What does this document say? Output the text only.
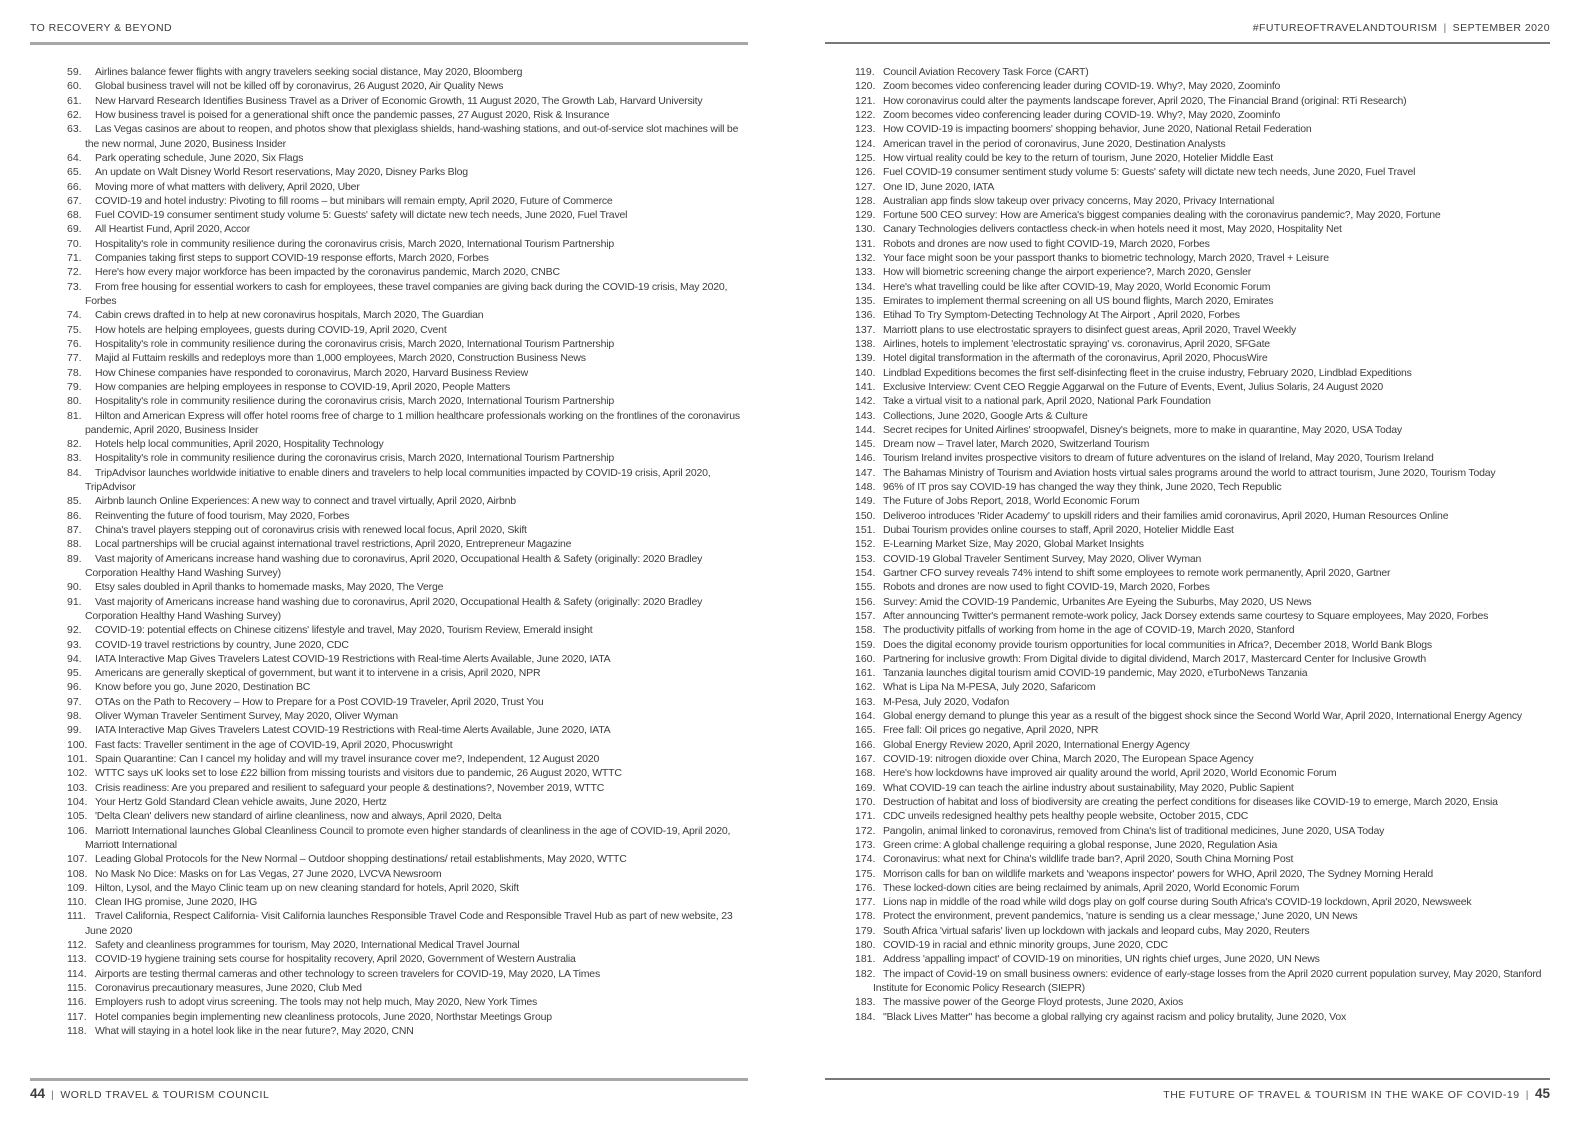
TO RECOVERY & BEYOND
59. Airlines balance fewer flights with angry travelers seeking social distance, May 2020, Bloomberg
60. Global business travel will not be killed off by coronavirus, 26 August 2020, Air Quality News
61. New Harvard Research Identifies Business Travel as a Driver of Economic Growth, 11 August 2020, The Growth Lab, Harvard University
62. How business travel is poised for a generational shift once the pandemic passes, 27 August 2020, Risk & Insurance
63. Las Vegas casinos are about to reopen, and photos show that plexiglass shields, hand-washing stations, and out-of-service slot machines will be the new normal, June 2020, Business Insider
64. Park operating schedule, June 2020, Six Flags
65. An update on Walt Disney World Resort reservations, May 2020, Disney Parks Blog
66. Moving more of what matters with delivery, April 2020, Uber
67. COVID-19 and hotel industry: Pivoting to fill rooms – but minibars will remain empty, April 2020, Future of Commerce
68. Fuel COVID-19 consumer sentiment study volume 5: Guests' safety will dictate new tech needs, June 2020, Fuel Travel
69. All Heartist Fund, April 2020, Accor
70. Hospitality's role in community resilience during the coronavirus crisis, March 2020, International Tourism Partnership
71. Companies taking first steps to support COVID-19 response efforts, March 2020, Forbes
72. Here's how every major workforce has been impacted by the coronavirus pandemic, March 2020, CNBC
73. From free housing for essential workers to cash for employees, these travel companies are giving back during the COVID-19 crisis, May 2020, Forbes
74. Cabin crews drafted in to help at new coronavirus hospitals, March 2020, The Guardian
75. How hotels are helping employees, guests during COVID-19, April 2020, Cvent
76. Hospitality's role in community resilience during the coronavirus crisis, March 2020, International Tourism Partnership
77. Majid al Futtaim reskills and redeploys more than 1,000 employees, March 2020, Construction Business News
78. How Chinese companies have responded to coronavirus, March 2020, Harvard Business Review
79. How companies are helping employees in response to COVID-19, April 2020, People Matters
80. Hospitality's role in community resilience during the coronavirus crisis, March 2020, International Tourism Partnership
81. Hilton and American Express will offer hotel rooms free of charge to 1 million healthcare professionals working on the frontlines of the coronavirus pandemic, April 2020, Business Insider
82. Hotels help local communities, April 2020, Hospitality Technology
83. Hospitality's role in community resilience during the coronavirus crisis, March 2020, International Tourism Partnership
84. TripAdvisor launches worldwide initiative to enable diners and travelers to help local communities impacted by COVID-19 crisis, April 2020, TripAdvisor
85. Airbnb launch Online Experiences: A new way to connect and travel virtually, April 2020, Airbnb
86. Reinventing the future of food tourism, May 2020, Forbes
87. China's travel players stepping out of coronavirus crisis with renewed local focus, April 2020, Skift
88. Local partnerships will be crucial against international travel restrictions, April 2020, Entrepreneur Magazine
89. Vast majority of Americans increase hand washing due to coronavirus, April 2020, Occupational Health & Safety (originally: 2020 Bradley Corporation Healthy Hand Washing Survey)
90. Etsy sales doubled in April thanks to homemade masks, May 2020, The Verge
91. Vast majority of Americans increase hand washing due to coronavirus, April 2020, Occupational Health & Safety (originally: 2020 Bradley Corporation Healthy Hand Washing Survey)
92. COVID-19: potential effects on Chinese citizens' lifestyle and travel, May 2020, Tourism Review, Emerald insight
93. COVID-19 travel restrictions by country, June 2020, CDC
94. IATA Interactive Map Gives Travelers Latest COVID-19 Restrictions with Real-time Alerts Available, June 2020, IATA
95. Americans are generally skeptical of government, but want it to intervene in a crisis, April 2020, NPR
96. Know before you go, June 2020, Destination BC
97. OTAs on the Path to Recovery – How to Prepare for a Post COVID-19 Traveler, April 2020, Trust You
98. Oliver Wyman Traveler Sentiment Survey, May 2020, Oliver Wyman
99. IATA Interactive Map Gives Travelers Latest COVID-19 Restrictions with Real-time Alerts Available, June 2020, IATA
100. Fast facts: Traveller sentiment in the age of COVID-19, April 2020, Phocuswright
101. Spain Quarantine: Can I cancel my holiday and will my travel insurance cover me?, Independent, 12 August 2020
102. WTTC says uK looks set to lose £22 billion from missing tourists and visitors due to pandemic, 26 August 2020, WTTC
103. Crisis readiness: Are you prepared and resilient to safeguard your people & destinations?, November 2019, WTTC
104. Your Hertz Gold Standard Clean vehicle awaits, June 2020, Hertz
105. 'Delta Clean' delivers new standard of airline cleanliness, now and always, April 2020, Delta
106. Marriott International launches Global Cleanliness Council to promote even higher standards of cleanliness in the age of COVID-19, April 2020, Marriott International
107. Leading Global Protocols for the New Normal – Outdoor shopping destinations/ retail establishments, May 2020, WTTC
108. No Mask No Dice: Masks on for Las Vegas, 27 June 2020, LVCVA Newsroom
109. Hilton, Lysol, and the Mayo Clinic team up on new cleaning standard for hotels, April 2020, Skift
110. Clean IHG promise, June 2020, IHG
111. Travel California, Respect California- Visit California launches Responsible Travel Code and Responsible Travel Hub as part of new website, 23 June 2020
112. Safety and cleanliness programmes for tourism, May 2020, International Medical Travel Journal
113. COVID-19 hygiene training sets course for hospitality recovery, April 2020, Government of Western Australia
114. Airports are testing thermal cameras and other technology to screen travelers for COVID-19, May 2020, LA Times
115. Coronavirus precautionary measures, June 2020, Club Med
116. Employers rush to adopt virus screening. The tools may not help much, May 2020, New York Times
117. Hotel companies begin implementing new cleanliness protocols, June 2020, Northstar Meetings Group
118. What will staying in a hotel look like in the near future?, May 2020, CNN
44 | WORLD TRAVEL & TOURISM COUNCIL
#FUTUREOFTRAVELANDTOURISM | SEPTEMBER 2020
119. Council Aviation Recovery Task Force (CART)
120. Zoom becomes video conferencing leader during COVID-19. Why?, May 2020, Zoominfo
121. How coronavirus could alter the payments landscape forever, April 2020, The Financial Brand (original: RTi Research)
122. Zoom becomes video conferencing leader during COVID-19. Why?, May 2020, Zoominfo
123. How COVID-19 is impacting boomers' shopping behavior, June 2020, National Retail Federation
124. American travel in the period of coronavirus, June 2020, Destination Analysts
125. How virtual reality could be key to the return of tourism, June 2020, Hotelier Middle East
126. Fuel COVID-19 consumer sentiment study volume 5: Guests' safety will dictate new tech needs, June 2020, Fuel Travel
127. One ID, June 2020, IATA
128. Australian app finds slow takeup over privacy concerns, May 2020, Privacy International
129. Fortune 500 CEO survey: How are America's biggest companies dealing with the coronavirus pandemic?, May 2020, Fortune
130. Canary Technologies delivers contactless check-in when hotels need it most, May 2020, Hospitality Net
131. Robots and drones are now used to fight COVID-19, March 2020, Forbes
132. Your face might soon be your passport thanks to biometric technology, March 2020, Travel + Leisure
133. How will biometric screening change the airport experience?, March 2020, Gensler
134. Here's what travelling could be like after COVID-19, May 2020, World Economic Forum
135. Emirates to implement thermal screening on all US bound flights, March 2020, Emirates
136. Etihad To Try Symptom-Detecting Technology At The Airport , April 2020, Forbes
137. Marriott plans to use electrostatic sprayers to disinfect guest areas, April 2020, Travel Weekly
138. Airlines, hotels to implement 'electrostatic spraying' vs. coronavirus, April 2020, SFGate
139. Hotel digital transformation in the aftermath of the coronavirus, April 2020, PhocusWire
140. Lindblad Expeditions becomes the first self-disinfecting fleet in the cruise industry, February 2020, Lindblad Expeditions
141. Exclusive Interview: Cvent CEO Reggie Aggarwal on the Future of Events, Event, Julius Solaris, 24 August 2020
142. Take a virtual visit to a national park, April 2020, National Park Foundation
143. Collections, June 2020, Google Arts & Culture
144. Secret recipes for United Airlines' stroopwafel, Disney's beignets, more to make in quarantine, May 2020, USA Today
145. Dream now – Travel later, March 2020, Switzerland Tourism
146. Tourism Ireland invites prospective visitors to dream of future adventures on the island of Ireland, May 2020, Tourism Ireland
147. The Bahamas Ministry of Tourism and Aviation hosts virtual sales programs around the world to attract tourism, June 2020, Tourism Today
148. 96% of IT pros say COVID-19 has changed the way they think, June 2020, Tech Republic
149. The Future of Jobs Report, 2018, World Economic Forum
150. Deliveroo introduces 'Rider Academy' to upskill riders and their families amid coronavirus, April 2020, Human Resources Online
151. Dubai Tourism provides online courses to staff, April 2020, Hotelier Middle East
152. E-Learning Market Size, May 2020, Global Market Insights
153. COVID-19 Global Traveler Sentiment Survey, May 2020, Oliver Wyman
154. Gartner CFO survey reveals 74% intend to shift some employees to remote work permanently, April 2020, Gartner
155. Robots and drones are now used to fight COVID-19, March 2020, Forbes
156. Survey: Amid the COVID-19 Pandemic, Urbanites Are Eyeing the Suburbs, May 2020, US News
157. After announcing Twitter's permanent remote-work policy, Jack Dorsey extends same courtesy to Square employees, May 2020, Forbes
158. The productivity pitfalls of working from home in the age of COVID-19, March 2020, Stanford
159. Does the digital economy provide tourism opportunities for local communities in Africa?, December 2018, World Bank Blogs
160. Partnering for inclusive growth: From Digital divide to digital dividend, March 2017, Mastercard Center for Inclusive Growth
161. Tanzania launches digital tourism amid COVID-19 pandemic, May 2020, eTurboNews Tanzania
162. What is Lipa Na M-PESA, July 2020, Safaricom
163. M-Pesa, July 2020, Vodafon
164. Global energy demand to plunge this year as a result of the biggest shock since the Second World War, April 2020, International Energy Agency
165. Free fall: Oil prices go negative, April 2020, NPR
166. Global Energy Review 2020, April 2020, International Energy Agency
167. COVID-19: nitrogen dioxide over China, March 2020, The European Space Agency
168. Here's how lockdowns have improved air quality around the world, April 2020, World Economic Forum
169. What COVID-19 can teach the airline industry about sustainability, May 2020, Public Sapient
170. Destruction of habitat and loss of biodiversity are creating the perfect conditions for diseases like COVID-19 to emerge, March 2020, Ensia
171. CDC unveils redesigned healthy pets healthy people website, October 2015, CDC
172. Pangolin, animal linked to coronavirus, removed from China's list of traditional medicines, June 2020, USA Today
173. Green crime: A global challenge requiring a global response, June 2020, Regulation Asia
174. Coronavirus: what next for China's wildlife trade ban?, April 2020, South China Morning Post
175. Morrison calls for ban on wildlife markets and 'weapons inspector' powers for WHO, April 2020, The Sydney Morning Herald
176. These locked-down cities are being reclaimed by animals, April 2020, World Economic Forum
177. Lions nap in middle of the road while wild dogs play on golf course during South Africa's COVID-19 lockdown, April 2020, Newsweek
178. Protect the environment, prevent pandemics, 'nature is sending us a clear message,' June 2020, UN News
179. South Africa 'virtual safaris' liven up lockdown with jackals and leopard cubs, May 2020, Reuters
180. COVID-19 in racial and ethnic minority groups, June 2020, CDC
181. Address 'appalling impact' of COVID-19 on minorities, UN rights chief urges, June 2020, UN News
182. The impact of Covid-19 on small business owners: evidence of early-stage losses from the April 2020 current population survey, May 2020, Stanford Institute for Economic Policy Research (SIEPR)
183. The massive power of the George Floyd protests, June 2020, Axios
184. "Black Lives Matter" has become a global rallying cry against racism and policy brutality, June 2020, Vox
THE FUTURE OF TRAVEL & TOURISM IN THE WAKE OF COVID-19 | 45
